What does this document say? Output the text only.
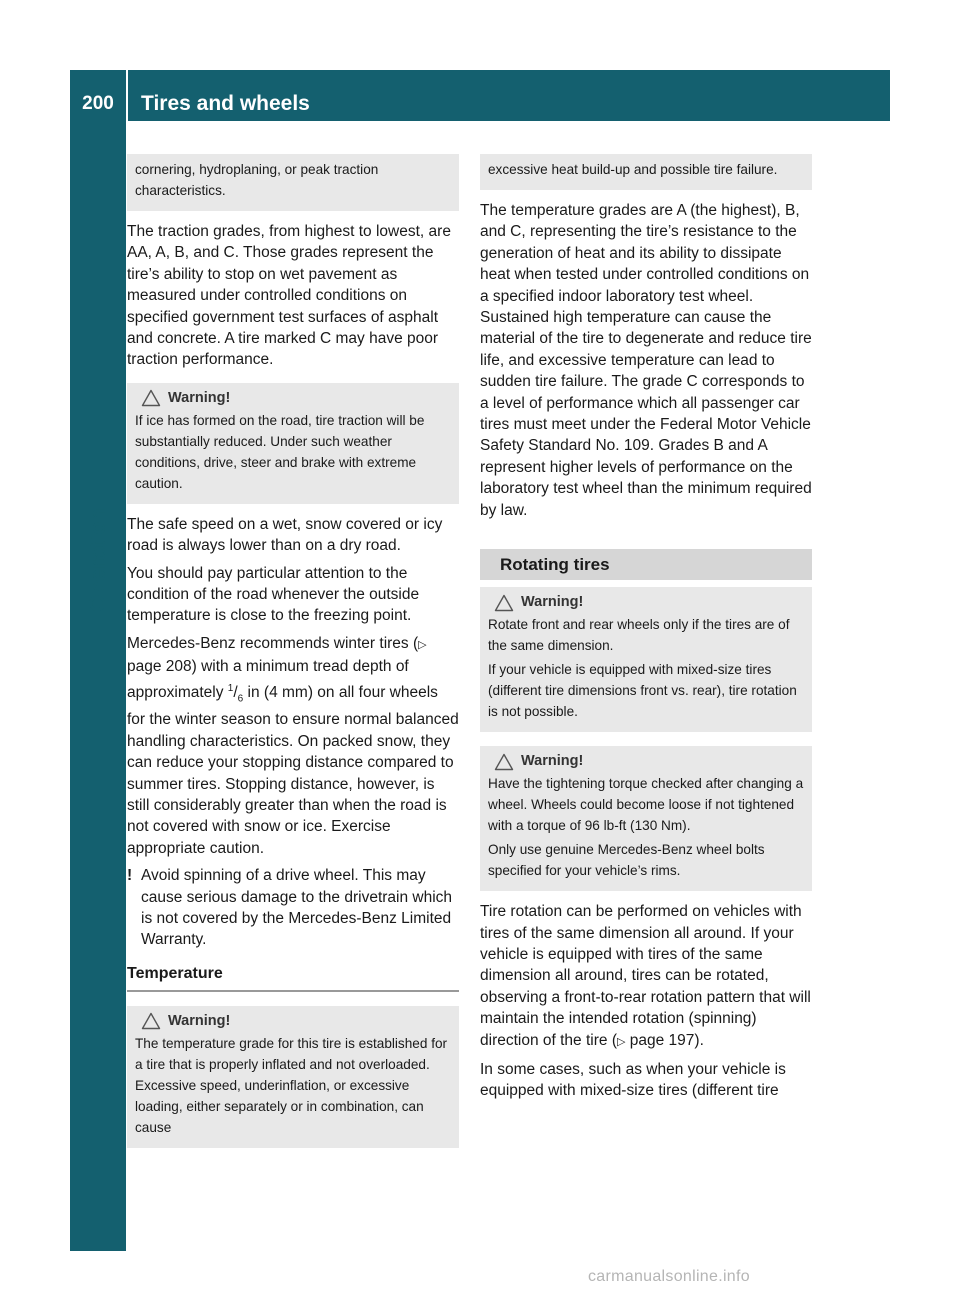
200	Tires and wheels
Operation

cornering, hydroplaning, or peak traction characteristics.

The traction grades, from highest to lowest, are AA, A, B, and C. Those grades represent the tire’s ability to stop on wet pavement as measured under controlled conditions on specified government test surfaces of asphalt and concrete. A tire marked C may have poor traction performance.

Warning!

If ice has formed on the road, tire traction will be substantially reduced. Under such weather conditions, drive, steer and brake with extreme caution.

The safe speed on a wet, snow covered or icy road is always lower than on a dry road.

You should pay particular attention to the condition of the road whenever the outside temperature is close to the freezing point.

Mercedes-Benz recommends winter tires (▷ page 208) with a minimum tread depth of approximately $^1/_6$ in (4 mm) on all four wheels for the winter season to ensure normal balanced handling characteristics. On packed snow, they can reduce your stopping distance compared to summer tires. Stopping distance, however, is still considerably greater than when the road is not covered with snow or ice. Exercise appropriate caution.

! Avoid spinning of a drive wheel. This may cause serious damage to the drivetrain which is not covered by the Mercedes-Benz Limited Warranty.
Temperature
Warning!

The temperature grade for this tire is established for a tire that is properly inflated and not overloaded. Excessive speed, underinflation, or excessive loading, either separately or in combination, can cause

excessive heat build-up and possible tire failure.

The temperature grades are A (the highest), B, and C, representing the tire’s resistance to the generation of heat and its ability to dissipate heat when tested under controlled conditions on a specified indoor laboratory test wheel. Sustained high temperature can cause the material of the tire to degenerate and reduce tire life, and excessive temperature can lead to sudden tire failure. The grade C corresponds to a level of performance which all passenger car tires must meet under the Federal Motor Vehicle Safety Standard No. 109. Grades B and A represent higher levels of performance on the laboratory test wheel than the minimum required by law.

Rotating tires
Warning!

Rotate front and rear wheels only if the tires are of the same dimension.

If your vehicle is equipped with mixed-size tires (different tire dimensions front vs. rear), tire rotation is not possible.

Warning!

Have the tightening torque checked after changing a wheel. Wheels could become loose if not tightened with a torque of 96 lb-ft (130 Nm).

Only use genuine Mercedes-Benz wheel bolts specified for your vehicle’s rims.

Tire rotation can be performed on vehicles with tires of the same dimension all around. If your vehicle is equipped with tires of the same dimension all around, tires can be rotated, observing a front-to-rear rotation pattern that will maintain the intended rotation (spinning) direction of the tire (▷ page 197).

In some cases, such as when your vehicle is equipped with mixed-size tires (different tire

carmanualsonline.info
